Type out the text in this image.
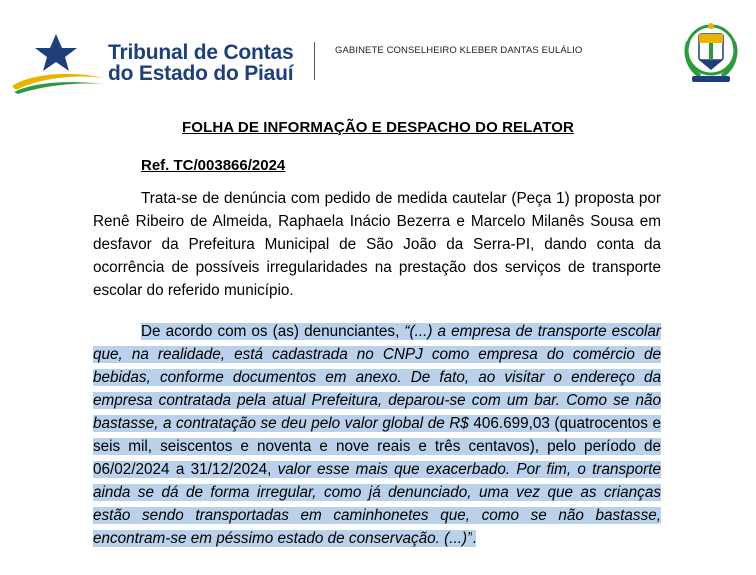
Tribunal de Contas
do Estado do Piauí
GABINETE CONSELHEIRO KLEBER DANTAS EULÁLIO
FOLHA DE INFORMAÇÃO E DESPACHO DO RELATOR
Ref. TC/003866/2024
Trata-se de denúncia com pedido de medida cautelar (Peça 1) proposta por Renê Ribeiro de Almeida, Raphaela Inácio Bezerra e Marcelo Milanês Sousa em desfavor da Prefeitura Municipal de São João da Serra-PI, dando conta da ocorrência de possíveis irregularidades na prestação dos serviços de transporte escolar do referido município.
De acordo com os (as) denunciantes, “(...) a empresa de transporte escolar que, na realidade, está cadastrada no CNPJ como empresa do comércio de bebidas, conforme documentos em anexo. De fato, ao visitar o endereço da empresa contratada pela atual Prefeitura, deparou-se com um bar. Como se não bastasse, a contratação se deu pelo valor global de R$ 406.699,03 (quatrocentos e seis mil, seiscentos e noventa e nove reais e três centavos), pelo período de 06/02/2024 a 31/12/2024, valor esse mais que exacerbado. Por fim, o transporte ainda se dá de forma irregular, como já denunciado, uma vez que as crianças estão sendo transportadas em caminhonetes que, como se não bastasse, encontram-se em péssimo estado de conservação. (...)”.
